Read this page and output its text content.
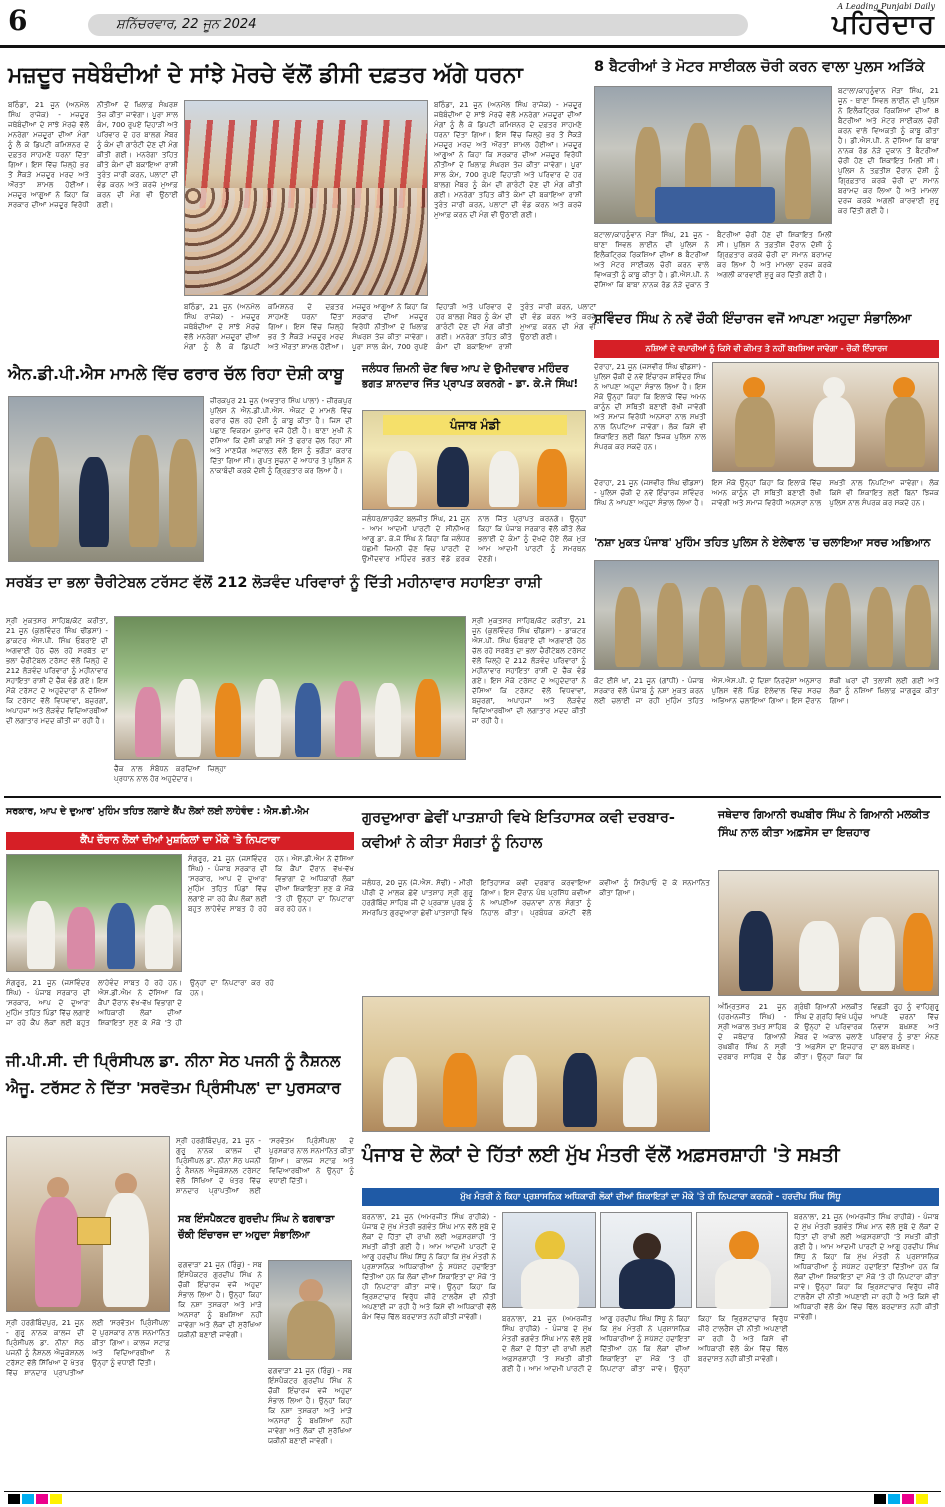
6	ਸ਼ਨਿੱਚਰਵਾਰ, 22 ਜੂਨ 2024
A Leading Punjabi Daily
ਪਹਿਰੇਦਾਰ
ਮਜ਼ਦੂਰ ਜਥੇਬੰਦੀਆਂ ਦੇ ਸਾਂਝੇ ਮੋਰਚੇ ਵੱਲੋਂ ਡੀਸੀ ਦਫ਼ਤਰ ਅੱਗੇ ਧਰਨਾ
ਬਠਿੰਡਾ, 21 ਜੂਨ (ਅਨਮੋਲ ਸਿੰਘ ਰਾਜੇਕ) - ਮਜ਼ਦੂਰ ਜਥੇਬੰਦੀਆਂ ਦੇ ਸਾਂਝੇ ਮੋਰਚੇ ਵੱਲੋਂ ਮਨਰੇਗਾ ਮਜ਼ਦੂਰਾਂ ਦੀਆਂ ਮੰਗਾਂ ਨੂੰ ਲੈ ਕੇ ਡਿਪਟੀ ਕਮਿਸ਼ਨਰ ਦੇ ਦਫ਼ਤਰ ਸਾਹਮਣੇ ਧਰਨਾ ਦਿੱਤਾ ਗਿਆ। ਇਸ ਵਿੱਚ ਜ਼ਿਲ੍ਹੇ ਭਰ ਤੋਂ ਸੈਂਕੜੇ ਮਜ਼ਦੂਰ ਮਰਦ ਅਤੇ ਔਰਤਾਂ ਸ਼ਾਮਲ ਹੋਈਆਂ। ਮਜ਼ਦੂਰ ਆਗੂਆਂ ਨੇ ਕਿਹਾ ਕਿ ਸਰਕਾਰ ਦੀਆਂ ਮਜ਼ਦੂਰ ਵਿਰੋਧੀ ਨੀਤੀਆਂ ਦੇ ਖ਼ਿਲਾਫ਼ ਸੰਘਰਸ਼ ਤੇਜ਼ ਕੀਤਾ ਜਾਵੇਗਾ। ਪੂਰਾ ਸਾਲ ਕੰਮ, 700 ਰੁਪਏ ਦਿਹਾੜੀ ਅਤੇ ਪਰਿਵਾਰ ਦੇ ਹਰ ਬਾਲਗ ਮੈਂਬਰ ਨੂੰ ਕੰਮ ਦੀ ਗਾਰੰਟੀ ਦੇਣ ਦੀ ਮੰਗ ਕੀਤੀ ਗਈ। ਮਨਰੇਗਾ ਤਹਿਤ ਕੀਤੇ ਕੰਮਾਂ ਦੀ ਬਕਾਇਆ ਰਾਸ਼ੀ ਤੁਰੰਤ ਜਾਰੀ ਕਰਨ, ਪਲਾਟਾਂ ਦੀ ਵੰਡ ਕਰਨ ਅਤੇ ਕਰਜ਼ੇ ਮੁਆਫ਼ ਕਰਨ ਦੀ ਮੰਗ ਵੀ ਉਠਾਈ ਗਈ।
ਬਠਿੰਡਾ, 21 ਜੂਨ (ਅਨਮੋਲ ਸਿੰਘ ਰਾਜੇਕ) - ਮਜ਼ਦੂਰ ਜਥੇਬੰਦੀਆਂ ਦੇ ਸਾਂਝੇ ਮੋਰਚੇ ਵੱਲੋਂ ਮਨਰੇਗਾ ਮਜ਼ਦੂਰਾਂ ਦੀਆਂ ਮੰਗਾਂ ਨੂੰ ਲੈ ਕੇ ਡਿਪਟੀ ਕਮਿਸ਼ਨਰ ਦੇ ਦਫ਼ਤਰ ਸਾਹਮਣੇ ਧਰਨਾ ਦਿੱਤਾ ਗਿਆ। ਇਸ ਵਿੱਚ ਜ਼ਿਲ੍ਹੇ ਭਰ ਤੋਂ ਸੈਂਕੜੇ ਮਜ਼ਦੂਰ ਮਰਦ ਅਤੇ ਔਰਤਾਂ ਸ਼ਾਮਲ ਹੋਈਆਂ। ਮਜ਼ਦੂਰ ਆਗੂਆਂ ਨੇ ਕਿਹਾ ਕਿ ਸਰਕਾਰ ਦੀਆਂ ਮਜ਼ਦੂਰ ਵਿਰੋਧੀ ਨੀਤੀਆਂ ਦੇ ਖ਼ਿਲਾਫ਼ ਸੰਘਰਸ਼ ਤੇਜ਼ ਕੀਤਾ ਜਾਵੇਗਾ। ਪੂਰਾ ਸਾਲ ਕੰਮ, 700 ਰੁਪਏ ਦਿਹਾੜੀ ਅਤੇ ਪਰਿਵਾਰ ਦੇ ਹਰ ਬਾਲਗ ਮੈਂਬਰ ਨੂੰ ਕੰਮ ਦੀ ਗਾਰੰਟੀ ਦੇਣ ਦੀ ਮੰਗ ਕੀਤੀ ਗਈ। ਮਨਰੇਗਾ ਤਹਿਤ ਕੀਤੇ ਕੰਮਾਂ ਦੀ ਬਕਾਇਆ ਰਾਸ਼ੀ ਤੁਰੰਤ ਜਾਰੀ ਕਰਨ, ਪਲਾਟਾਂ ਦੀ ਵੰਡ ਕਰਨ ਅਤੇ ਕਰਜ਼ੇ ਮੁਆਫ਼ ਕਰਨ ਦੀ ਮੰਗ ਵੀ ਉਠਾਈ ਗਈ।
ਬਠਿੰਡਾ, 21 ਜੂਨ (ਅਨਮੋਲ ਸਿੰਘ ਰਾਜੇਕ) - ਮਜ਼ਦੂਰ ਜਥੇਬੰਦੀਆਂ ਦੇ ਸਾਂਝੇ ਮੋਰਚੇ ਵੱਲੋਂ ਮਨਰੇਗਾ ਮਜ਼ਦੂਰਾਂ ਦੀਆਂ ਮੰਗਾਂ ਨੂੰ ਲੈ ਕੇ ਡਿਪਟੀ ਕਮਿਸ਼ਨਰ ਦੇ ਦਫ਼ਤਰ ਸਾਹਮਣੇ ਧਰਨਾ ਦਿੱਤਾ ਗਿਆ। ਇਸ ਵਿੱਚ ਜ਼ਿਲ੍ਹੇ ਭਰ ਤੋਂ ਸੈਂਕੜੇ ਮਜ਼ਦੂਰ ਮਰਦ ਅਤੇ ਔਰਤਾਂ ਸ਼ਾਮਲ ਹੋਈਆਂ। ਮਜ਼ਦੂਰ ਆਗੂਆਂ ਨੇ ਕਿਹਾ ਕਿ ਸਰਕਾਰ ਦੀਆਂ ਮਜ਼ਦੂਰ ਵਿਰੋਧੀ ਨੀਤੀਆਂ ਦੇ ਖ਼ਿਲਾਫ਼ ਸੰਘਰਸ਼ ਤੇਜ਼ ਕੀਤਾ ਜਾਵੇਗਾ। ਪੂਰਾ ਸਾਲ ਕੰਮ, 700 ਰੁਪਏ ਦਿਹਾੜੀ ਅਤੇ ਪਰਿਵਾਰ ਦੇ ਹਰ ਬਾਲਗ ਮੈਂਬਰ ਨੂੰ ਕੰਮ ਦੀ ਗਾਰੰਟੀ ਦੇਣ ਦੀ ਮੰਗ ਕੀਤੀ ਗਈ। ਮਨਰੇਗਾ ਤਹਿਤ ਕੀਤੇ ਕੰਮਾਂ ਦੀ ਬਕਾਇਆ ਰਾਸ਼ੀ ਤੁਰੰਤ ਜਾਰੀ ਕਰਨ, ਪਲਾਟਾਂ ਦੀ ਵੰਡ ਕਰਨ ਅਤੇ ਕਰਜ਼ੇ ਮੁਆਫ਼ ਕਰਨ ਦੀ ਮੰਗ ਵੀ ਉਠਾਈ ਗਈ।
8 ਬੈਟਰੀਆਂ ਤੇ ਮੋਟਰ ਸਾਈਕਲ ਚੋਰੀ ਕਰਨ ਵਾਲਾ ਪੁਲਸ ਅੜਿੱਕੇ
ਬਟਾਲਾ/ਕਾਹਨੂੰਵਾਨ ਮੌੜਾ ਸਿੰਘ, 21 ਜੂਨ - ਥਾਣਾ ਸਿਵਲ ਲਾਈਨ ਦੀ ਪੁਲਿਸ ਨੇ ਇਲੈਕਟ੍ਰਿਕ ਰਿਕਸ਼ਿਆਂ ਦੀਆਂ 8 ਬੈਟਰੀਆਂ ਅਤੇ ਮੋਟਰ ਸਾਈਕਲ ਚੋਰੀ ਕਰਨ ਵਾਲੇ ਵਿਅਕਤੀ ਨੂੰ ਕਾਬੂ ਕੀਤਾ ਹੈ। ਡੀ.ਐਸ.ਪੀ. ਨੇ ਦੱਸਿਆ ਕਿ ਬਾਬਾ ਨਾਨਕ ਰੋਡ ਨੇੜੇ ਦੁਕਾਨ ਤੋਂ ਬੈਟਰੀਆਂ ਚੋਰੀ ਹੋਣ ਦੀ ਸ਼ਿਕਾਇਤ ਮਿਲੀ ਸੀ। ਪੁਲਿਸ ਨੇ ਤਫ਼ਤੀਸ਼ ਦੌਰਾਨ ਦੋਸ਼ੀ ਨੂੰ ਗ੍ਰਿਫ਼ਤਾਰ ਕਰਕੇ ਚੋਰੀ ਦਾ ਸਮਾਨ ਬਰਾਮਦ ਕਰ ਲਿਆ ਹੈ ਅਤੇ ਮਾਮਲਾ ਦਰਜ ਕਰਕੇ ਅਗਲੀ ਕਾਰਵਾਈ ਸ਼ੁਰੂ ਕਰ ਦਿੱਤੀ ਗਈ ਹੈ।
ਬਟਾਲਾ/ਕਾਹਨੂੰਵਾਨ ਮੌੜਾ ਸਿੰਘ, 21 ਜੂਨ - ਥਾਣਾ ਸਿਵਲ ਲਾਈਨ ਦੀ ਪੁਲਿਸ ਨੇ ਇਲੈਕਟ੍ਰਿਕ ਰਿਕਸ਼ਿਆਂ ਦੀਆਂ 8 ਬੈਟਰੀਆਂ ਅਤੇ ਮੋਟਰ ਸਾਈਕਲ ਚੋਰੀ ਕਰਨ ਵਾਲੇ ਵਿਅਕਤੀ ਨੂੰ ਕਾਬੂ ਕੀਤਾ ਹੈ। ਡੀ.ਐਸ.ਪੀ. ਨੇ ਦੱਸਿਆ ਕਿ ਬਾਬਾ ਨਾਨਕ ਰੋਡ ਨੇੜੇ ਦੁਕਾਨ ਤੋਂ ਬੈਟਰੀਆਂ ਚੋਰੀ ਹੋਣ ਦੀ ਸ਼ਿਕਾਇਤ ਮਿਲੀ ਸੀ। ਪੁਲਿਸ ਨੇ ਤਫ਼ਤੀਸ਼ ਦੌਰਾਨ ਦੋਸ਼ੀ ਨੂੰ ਗ੍ਰਿਫ਼ਤਾਰ ਕਰਕੇ ਚੋਰੀ ਦਾ ਸਮਾਨ ਬਰਾਮਦ ਕਰ ਲਿਆ ਹੈ ਅਤੇ ਮਾਮਲਾ ਦਰਜ ਕਰਕੇ ਅਗਲੀ ਕਾਰਵਾਈ ਸ਼ੁਰੂ ਕਰ ਦਿੱਤੀ ਗਈ ਹੈ।
ਸ਼ਵਿੰਦਰ ਸਿੰਘ ਨੇ ਨਵੇਂ ਚੌਕੀ ਇੰਚਾਰਜ ਵਜੋਂ ਆਪਣਾ ਅਹੁਦਾ ਸੰਭਾਲਿਆ
ਨਸ਼ਿਆਂ ਦੇ ਵਪਾਰੀਆਂ ਨੂੰ ਕਿਸੇ ਵੀ ਕੀਮਤ ਤੇ ਨਹੀਂ ਬਖ਼ਸ਼ਿਆ ਜਾਵੇਗਾ - ਚੌਕੀ ਇੰਚਾਰਜ
ਦੋਰਾਹਾ, 21 ਜੂਨ (ਜਸਵੀਰ ਸਿੰਘ ਢੀਂਡਸਾ) - ਪੁਲਿਸ ਚੌਕੀ ਦੇ ਨਵੇਂ ਇੰਚਾਰਜ ਸ਼ਵਿੰਦਰ ਸਿੰਘ ਨੇ ਆਪਣਾ ਅਹੁਦਾ ਸੰਭਾਲ ਲਿਆ ਹੈ। ਇਸ ਮੌਕੇ ਉਨ੍ਹਾਂ ਕਿਹਾ ਕਿ ਇਲਾਕੇ ਵਿੱਚ ਅਮਨ ਕਾਨੂੰਨ ਦੀ ਸਥਿਤੀ ਬਣਾਈ ਰੱਖੀ ਜਾਵੇਗੀ ਅਤੇ ਸਮਾਜ ਵਿਰੋਧੀ ਅਨਸਰਾਂ ਨਾਲ ਸਖ਼ਤੀ ਨਾਲ ਨਿਪਟਿਆ ਜਾਵੇਗਾ। ਲੋਕ ਕਿਸੇ ਵੀ ਸ਼ਿਕਾਇਤ ਲਈ ਬਿਨਾਂ ਝਿਜਕ ਪੁਲਿਸ ਨਾਲ ਸੰਪਰਕ ਕਰ ਸਕਦੇ ਹਨ।
ਦੋਰਾਹਾ, 21 ਜੂਨ (ਜਸਵੀਰ ਸਿੰਘ ਢੀਂਡਸਾ) - ਪੁਲਿਸ ਚੌਕੀ ਦੇ ਨਵੇਂ ਇੰਚਾਰਜ ਸ਼ਵਿੰਦਰ ਸਿੰਘ ਨੇ ਆਪਣਾ ਅਹੁਦਾ ਸੰਭਾਲ ਲਿਆ ਹੈ। ਇਸ ਮੌਕੇ ਉਨ੍ਹਾਂ ਕਿਹਾ ਕਿ ਇਲਾਕੇ ਵਿੱਚ ਅਮਨ ਕਾਨੂੰਨ ਦੀ ਸਥਿਤੀ ਬਣਾਈ ਰੱਖੀ ਜਾਵੇਗੀ ਅਤੇ ਸਮਾਜ ਵਿਰੋਧੀ ਅਨਸਰਾਂ ਨਾਲ ਸਖ਼ਤੀ ਨਾਲ ਨਿਪਟਿਆ ਜਾਵੇਗਾ। ਲੋਕ ਕਿਸੇ ਵੀ ਸ਼ਿਕਾਇਤ ਲਈ ਬਿਨਾਂ ਝਿਜਕ ਪੁਲਿਸ ਨਾਲ ਸੰਪਰਕ ਕਰ ਸਕਦੇ ਹਨ।
ਐਨ.ਡੀ.ਪੀ.ਐਸ ਮਾਮਲੇ ਵਿੱਚ ਫਰਾਰ ਚੱਲ ਰਿਹਾ ਦੋਸ਼ੀ ਕਾਬੂ
ਜ਼ੀਰਕਪੁਰ 21 ਜੂਨ (ਅਵਤਾਰ ਸਿੰਘ ਪਾਲਾ) - ਜ਼ੀਰਕਪੁਰ ਪੁਲਿਸ ਨੇ ਐਨ.ਡੀ.ਪੀ.ਐਸ. ਐਕਟ ਦੇ ਮਾਮਲੇ ਵਿੱਚ ਫਰਾਰ ਚੱਲ ਰਹੇ ਦੋਸ਼ੀ ਨੂੰ ਕਾਬੂ ਕੀਤਾ ਹੈ। ਜਿਸ ਦੀ ਪਛਾਣ ਵਿਕਰਮ ਕੁਮਾਰ ਵਜੋਂ ਹੋਈ ਹੈ। ਥਾਣਾ ਮੁਖੀ ਨੇ ਦੱਸਿਆ ਕਿ ਦੋਸ਼ੀ ਕਾਫ਼ੀ ਸਮੇਂ ਤੋਂ ਫਰਾਰ ਚੱਲ ਰਿਹਾ ਸੀ ਅਤੇ ਮਾਣਯੋਗ ਅਦਾਲਤ ਵੱਲੋਂ ਇਸ ਨੂੰ ਭਗੌੜਾ ਕਰਾਰ ਦਿੱਤਾ ਗਿਆ ਸੀ। ਗੁਪਤ ਸੂਚਨਾ ਦੇ ਆਧਾਰ ਤੇ ਪੁਲਿਸ ਨੇ ਨਾਕਾਬੰਦੀ ਕਰਕੇ ਦੋਸ਼ੀ ਨੂੰ ਗ੍ਰਿਫ਼ਤਾਰ ਕਰ ਲਿਆ ਹੈ।
ਜਲੰਧਰ ਜ਼ਿਮਨੀ ਚੋਣ ਵਿਚ ਆਪ ਦੇ ਉਮੀਦਵਾਰ ਮਹਿੰਦਰ ਭਗਤ ਸ਼ਾਨਦਾਰ ਜਿੱਤ ਪ੍ਰਾਪਤ ਕਰਨਗੇ - ਡਾ. ਕੇ.ਜੇ ਸਿੰਘ!
ਪੰਜਾਬ ਮੰਡੀ
ਜਲੰਧਰ/ਸ਼ਾਹਕੋਟ ਬਲਜੀਤ ਸਿੰਘ, 21 ਜੂਨ - ਆਮ ਆਦਮੀ ਪਾਰਟੀ ਦੇ ਸੀਨੀਅਰ ਆਗੂ ਡਾ. ਕੇ.ਜੇ ਸਿੰਘ ਨੇ ਕਿਹਾ ਕਿ ਜਲੰਧਰ ਪੱਛਮੀ ਜ਼ਿਮਨੀ ਚੋਣ ਵਿਚ ਪਾਰਟੀ ਦੇ ਉਮੀਦਵਾਰ ਮਹਿੰਦਰ ਭਗਤ ਵੱਡੇ ਫ਼ਰਕ ਨਾਲ ਜਿੱਤ ਪ੍ਰਾਪਤ ਕਰਨਗੇ। ਉਨ੍ਹਾਂ ਕਿਹਾ ਕਿ ਪੰਜਾਬ ਸਰਕਾਰ ਵੱਲੋਂ ਕੀਤੇ ਲੋਕ ਭਲਾਈ ਦੇ ਕੰਮਾਂ ਨੂੰ ਦੇਖਦੇ ਹੋਏ ਲੋਕ ਮੁੜ ਆਮ ਆਦਮੀ ਪਾਰਟੀ ਨੂੰ ਸਮਰਥਨ ਦੇਣਗੇ।
ਸਰਬੱਤ ਦਾ ਭਲਾ ਚੈਰੀਟੇਬਲ ਟਰੱਸਟ ਵੱਲੋਂ 212 ਲੋੜਵੰਦ ਪਰਿਵਾਰਾਂ ਨੂੰ ਦਿੱਤੀ ਮਹੀਨਾਵਾਰ ਸਹਾਇਤਾ ਰਾਸ਼ੀ
ਸ੍ਰੀ ਮੁਕਤਸਰ ਸਾਹਿਬ/ਕੋਟ ਕਰੀਤਾ, 21 ਜੂਨ (ਕੁਲਵਿੰਦਰ ਸਿੰਘ ਢੀਂਡਸਾ) - ਡਾਕਟਰ ਐਸ.ਪੀ. ਸਿੰਘ ਓਬਰਾਏ ਦੀ ਅਗਵਾਈ ਹੇਠ ਚੱਲ ਰਹੇ ਸਰਬੱਤ ਦਾ ਭਲਾ ਚੈਰੀਟੇਬਲ ਟਰੱਸਟ ਵੱਲੋਂ ਜ਼ਿਲ੍ਹੇ ਦੇ 212 ਲੋੜਵੰਦ ਪਰਿਵਾਰਾਂ ਨੂੰ ਮਹੀਨਾਵਾਰ ਸਹਾਇਤਾ ਰਾਸ਼ੀ ਦੇ ਚੈੱਕ ਵੰਡੇ ਗਏ। ਇਸ ਮੌਕੇ ਟਰੱਸਟ ਦੇ ਅਹੁਦੇਦਾਰਾਂ ਨੇ ਦੱਸਿਆ ਕਿ ਟਰੱਸਟ ਵੱਲੋਂ ਵਿਧਵਾਵਾਂ, ਬਜ਼ੁਰਗਾਂ, ਅਪਾਹਜਾਂ ਅਤੇ ਲੋੜਵੰਦ ਵਿਦਿਆਰਥੀਆਂ ਦੀ ਲਗਾਤਾਰ ਮਦਦ ਕੀਤੀ ਜਾ ਰਹੀ ਹੈ।
ਚੈੱਕ ਨਾਲ ਸੰਬੋਧਨ ਕਰਦਿਆਂ ਜ਼ਿਲ੍ਹਾ ਪ੍ਰਧਾਨ ਨਾਲ ਹੋਰ ਅਹੁਦੇਦਾਰ।
ਸ੍ਰੀ ਮੁਕਤਸਰ ਸਾਹਿਬ/ਕੋਟ ਕਰੀਤਾ, 21 ਜੂਨ (ਕੁਲਵਿੰਦਰ ਸਿੰਘ ਢੀਂਡਸਾ) - ਡਾਕਟਰ ਐਸ.ਪੀ. ਸਿੰਘ ਓਬਰਾਏ ਦੀ ਅਗਵਾਈ ਹੇਠ ਚੱਲ ਰਹੇ ਸਰਬੱਤ ਦਾ ਭਲਾ ਚੈਰੀਟੇਬਲ ਟਰੱਸਟ ਵੱਲੋਂ ਜ਼ਿਲ੍ਹੇ ਦੇ 212 ਲੋੜਵੰਦ ਪਰਿਵਾਰਾਂ ਨੂੰ ਮਹੀਨਾਵਾਰ ਸਹਾਇਤਾ ਰਾਸ਼ੀ ਦੇ ਚੈੱਕ ਵੰਡੇ ਗਏ। ਇਸ ਮੌਕੇ ਟਰੱਸਟ ਦੇ ਅਹੁਦੇਦਾਰਾਂ ਨੇ ਦੱਸਿਆ ਕਿ ਟਰੱਸਟ ਵੱਲੋਂ ਵਿਧਵਾਵਾਂ, ਬਜ਼ੁਰਗਾਂ, ਅਪਾਹਜਾਂ ਅਤੇ ਲੋੜਵੰਦ ਵਿਦਿਆਰਥੀਆਂ ਦੀ ਲਗਾਤਾਰ ਮਦਦ ਕੀਤੀ ਜਾ ਰਹੀ ਹੈ।
'ਨਸ਼ਾ ਮੁਕਤ ਪੰਜਾਬ' ਮੁਹਿੰਮ ਤਹਿਤ ਪੁਲਿਸ ਨੇ ਏਲੇਵਾਲ 'ਚ ਚਲਾਇਆ ਸਰਚ ਅਭਿਆਨ
ਕੋਟ ਈਸੇ ਖਾਂ, 21 ਜੂਨ (ਗਾਂਧੀ) - ਪੰਜਾਬ ਸਰਕਾਰ ਵੱਲੋਂ ਪੰਜਾਬ ਨੂੰ ਨਸ਼ਾ ਮੁਕਤ ਕਰਨ ਲਈ ਚਲਾਈ ਜਾ ਰਹੀ ਮੁਹਿੰਮ ਤਹਿਤ ਐਸ.ਐਸ.ਪੀ. ਦੇ ਦਿਸ਼ਾ ਨਿਰਦੇਸ਼ਾਂ ਅਨੁਸਾਰ ਪੁਲਿਸ ਵੱਲੋਂ ਪਿੰਡ ਏਲੇਵਾਲ ਵਿੱਚ ਸਰਚ ਅਭਿਆਨ ਚਲਾਇਆ ਗਿਆ। ਇਸ ਦੌਰਾਨ ਸ਼ੱਕੀ ਘਰਾਂ ਦੀ ਤਲਾਸ਼ੀ ਲਈ ਗਈ ਅਤੇ ਲੋਕਾਂ ਨੂੰ ਨਸ਼ਿਆਂ ਖ਼ਿਲਾਫ਼ ਜਾਗਰੂਕ ਕੀਤਾ ਗਿਆ।
ਸਰਕਾਰ, ਆਪ ਦੇ ਦੁਆਰ' ਮੁਹਿੰਮ ਤਹਿਤ ਲਗਾਏ ਕੈਂਪ ਲੋਕਾਂ ਲਈ ਲਾਹੇਵੰਦ : ਐਸ.ਡੀ.ਐਮ
ਕੈਂਪ ਦੌਰਾਨ ਲੋਕਾਂ ਦੀਆਂ ਮੁਸ਼ਕਿਲਾਂ ਦਾ ਮੌਕੇ 'ਤੇ ਨਿਪਟਾਰਾ
ਸੰਗਰੂਰ, 21 ਜੂਨ (ਜਸਵਿੰਦਰ ਸਿੰਘ) - ਪੰਜਾਬ ਸਰਕਾਰ ਦੀ 'ਸਰਕਾਰ, ਆਪ ਦੇ ਦੁਆਰ' ਮੁਹਿੰਮ ਤਹਿਤ ਪਿੰਡਾਂ ਵਿੱਚ ਲਗਾਏ ਜਾ ਰਹੇ ਕੈਂਪ ਲੋਕਾਂ ਲਈ ਬਹੁਤ ਲਾਹੇਵੰਦ ਸਾਬਤ ਹੋ ਰਹੇ ਹਨ। ਐਸ.ਡੀ.ਐਮ ਨੇ ਦੱਸਿਆ ਕਿ ਕੈਂਪਾਂ ਦੌਰਾਨ ਵੱਖ-ਵੱਖ ਵਿਭਾਗਾਂ ਦੇ ਅਧਿਕਾਰੀ ਲੋਕਾਂ ਦੀਆਂ ਸ਼ਿਕਾਇਤਾਂ ਸੁਣ ਕੇ ਮੌਕੇ 'ਤੇ ਹੀ ਉਨ੍ਹਾਂ ਦਾ ਨਿਪਟਾਰਾ ਕਰ ਰਹੇ ਹਨ।
ਸੰਗਰੂਰ, 21 ਜੂਨ (ਜਸਵਿੰਦਰ ਸਿੰਘ) - ਪੰਜਾਬ ਸਰਕਾਰ ਦੀ 'ਸਰਕਾਰ, ਆਪ ਦੇ ਦੁਆਰ' ਮੁਹਿੰਮ ਤਹਿਤ ਪਿੰਡਾਂ ਵਿੱਚ ਲਗਾਏ ਜਾ ਰਹੇ ਕੈਂਪ ਲੋਕਾਂ ਲਈ ਬਹੁਤ ਲਾਹੇਵੰਦ ਸਾਬਤ ਹੋ ਰਹੇ ਹਨ। ਐਸ.ਡੀ.ਐਮ ਨੇ ਦੱਸਿਆ ਕਿ ਕੈਂਪਾਂ ਦੌਰਾਨ ਵੱਖ-ਵੱਖ ਵਿਭਾਗਾਂ ਦੇ ਅਧਿਕਾਰੀ ਲੋਕਾਂ ਦੀਆਂ ਸ਼ਿਕਾਇਤਾਂ ਸੁਣ ਕੇ ਮੌਕੇ 'ਤੇ ਹੀ ਉਨ੍ਹਾਂ ਦਾ ਨਿਪਟਾਰਾ ਕਰ ਰਹੇ ਹਨ।
ਗੁਰਦੁਆਰਾ ਛੇਵੀਂ ਪਾਤਸ਼ਾਹੀ ਵਿਖੇ ਇਤਿਹਾਸਕ ਕਵੀ ਦਰਬਾਰ-ਕਵੀਆਂ ਨੇ ਕੀਤਾ ਸੰਗਤਾਂ ਨੂੰ ਨਿਹਾਲ
ਜਲੰਧਰ, 20 ਜੂਨ (ਜੇ.ਐਸ. ਸੋਢੀ) - ਮੀਰੀ ਪੀਰੀ ਦੇ ਮਾਲਕ ਛੇਵੇਂ ਪਾਤਸ਼ਾਹ ਸ੍ਰੀ ਗੁਰੂ ਹਰਗੋਬਿੰਦ ਸਾਹਿਬ ਜੀ ਦੇ ਪ੍ਰਕਾਸ਼ ਪੁਰਬ ਨੂੰ ਸਮਰਪਿਤ ਗੁਰਦੁਆਰਾ ਛੇਵੀਂ ਪਾਤਸ਼ਾਹੀ ਵਿਖੇ ਇਤਿਹਾਸਕ ਕਵੀ ਦਰਬਾਰ ਕਰਵਾਇਆ ਗਿਆ। ਇਸ ਦੌਰਾਨ ਪੰਥ ਪ੍ਰਸਿੱਧ ਕਵੀਆਂ ਨੇ ਆਪਣੀਆਂ ਰਚਨਾਵਾਂ ਨਾਲ ਸੰਗਤਾਂ ਨੂੰ ਨਿਹਾਲ ਕੀਤਾ। ਪ੍ਰਬੰਧਕ ਕਮੇਟੀ ਵੱਲੋਂ ਕਵੀਆਂ ਨੂੰ ਸਿਰੋਪਾਓ ਦੇ ਕੇ ਸਨਮਾਨਿਤ ਕੀਤਾ ਗਿਆ।
ਜਥੇਦਾਰ ਗਿਆਨੀ ਰਘਬੀਰ ਸਿੰਘ ਨੇ ਗਿਆਨੀ ਮਲਕੀਤ ਸਿੰਘ ਨਾਲ ਕੀਤਾ ਅਫ਼ਸੋਸ ਦਾ ਇਜ਼ਹਾਰ
ਅੰਮ੍ਰਿਤਸਰ 21 ਜੂਨ (ਹਰਮਨਜੀਤ ਸਿੰਘ) - ਸ੍ਰੀ ਅਕਾਲ ਤਖ਼ਤ ਸਾਹਿਬ ਦੇ ਜਥੇਦਾਰ ਗਿਆਨੀ ਰਘਬੀਰ ਸਿੰਘ ਨੇ ਸ੍ਰੀ ਦਰਬਾਰ ਸਾਹਿਬ ਦੇ ਹੈੱਡ ਗ੍ਰੰਥੀ ਗਿਆਨੀ ਮਲਕੀਤ ਸਿੰਘ ਦੇ ਗ੍ਰਹਿ ਵਿਖੇ ਪਹੁੰਚ ਕੇ ਉਨ੍ਹਾਂ ਦੇ ਪਰਿਵਾਰਕ ਮੈਂਬਰ ਦੇ ਅਕਾਲ ਚਲਾਣੇ 'ਤੇ ਅਫ਼ਸੋਸ ਦਾ ਇਜ਼ਹਾਰ ਕੀਤਾ। ਉਨ੍ਹਾਂ ਕਿਹਾ ਕਿ ਵਿਛੜੀ ਰੂਹ ਨੂੰ ਵਾਹਿਗੁਰੂ ਆਪਣੇ ਚਰਨਾਂ ਵਿੱਚ ਨਿਵਾਸ ਬਖ਼ਸ਼ਣ ਅਤੇ ਪਰਿਵਾਰ ਨੂੰ ਭਾਣਾ ਮੰਨਣ ਦਾ ਬਲ ਬਖ਼ਸ਼ਣ।
ਜੀ.ਪੀ.ਸੀ. ਦੀ ਪ੍ਰਿੰਸੀਪਲ ਡਾ. ਨੀਨਾ ਸੇਠ ਪਜਨੀ ਨੂੰ ਨੈਸ਼ਨਲ ਐਜੂ. ਟਰੱਸਟ ਨੇ ਦਿੱਤਾ 'ਸਰਵੋਤਮ ਪ੍ਰਿੰਸੀਪਲ' ਦਾ ਪੁਰਸਕਾਰ
ਸ੍ਰੀ ਹਰਗੋਬਿੰਦਪੁਰ, 21 ਜੂਨ - ਗੁਰੂ ਨਾਨਕ ਕਾਲਜ ਦੀ ਪ੍ਰਿੰਸੀਪਲ ਡਾ. ਨੀਨਾ ਸੇਠ ਪਜਨੀ ਨੂੰ ਨੈਸ਼ਨਲ ਐਜੂਕੇਸ਼ਨਲ ਟਰੱਸਟ ਵੱਲੋਂ ਸਿੱਖਿਆ ਦੇ ਖੇਤਰ ਵਿੱਚ ਸ਼ਾਨਦਾਰ ਪ੍ਰਾਪਤੀਆਂ ਲਈ 'ਸਰਵੋਤਮ ਪ੍ਰਿੰਸੀਪਲ' ਦੇ ਪੁਰਸਕਾਰ ਨਾਲ ਸਨਮਾਨਿਤ ਕੀਤਾ ਗਿਆ। ਕਾਲਜ ਸਟਾਫ਼ ਅਤੇ ਵਿਦਿਆਰਥੀਆਂ ਨੇ ਉਨ੍ਹਾਂ ਨੂੰ ਵਧਾਈ ਦਿੱਤੀ।
ਸਬ ਇੰਸਪੈਕਟਰ ਗੁਰਦੀਪ ਸਿੰਘ ਨੇ ਫਗਵਾੜਾ ਚੌਕੀ ਇੰਚਾਰਜ ਦਾ ਅਹੁਦਾ ਸੰਭਾਲਿਆ
ਫਗਵਾੜਾ 21 ਜੂਨ (ਰਿੰਕੂ) - ਸਬ ਇੰਸਪੈਕਟਰ ਗੁਰਦੀਪ ਸਿੰਘ ਨੇ ਚੌਕੀ ਇੰਚਾਰਜ ਵਜੋਂ ਅਹੁਦਾ ਸੰਭਾਲ ਲਿਆ ਹੈ। ਉਨ੍ਹਾਂ ਕਿਹਾ ਕਿ ਨਸ਼ਾ ਤਸਕਰਾਂ ਅਤੇ ਮਾੜੇ ਅਨਸਰਾਂ ਨੂੰ ਬਖ਼ਸ਼ਿਆ ਨਹੀਂ ਜਾਵੇਗਾ ਅਤੇ ਲੋਕਾਂ ਦੀ ਸੁਰੱਖਿਆ ਯਕੀਨੀ ਬਣਾਈ ਜਾਵੇਗੀ।
ਫਗਵਾੜਾ 21 ਜੂਨ (ਰਿੰਕੂ) - ਸਬ ਇੰਸਪੈਕਟਰ ਗੁਰਦੀਪ ਸਿੰਘ ਨੇ ਚੌਕੀ ਇੰਚਾਰਜ ਵਜੋਂ ਅਹੁਦਾ ਸੰਭਾਲ ਲਿਆ ਹੈ। ਉਨ੍ਹਾਂ ਕਿਹਾ ਕਿ ਨਸ਼ਾ ਤਸਕਰਾਂ ਅਤੇ ਮਾੜੇ ਅਨਸਰਾਂ ਨੂੰ ਬਖ਼ਸ਼ਿਆ ਨਹੀਂ ਜਾਵੇਗਾ ਅਤੇ ਲੋਕਾਂ ਦੀ ਸੁਰੱਖਿਆ ਯਕੀਨੀ ਬਣਾਈ ਜਾਵੇਗੀ।
ਸ੍ਰੀ ਹਰਗੋਬਿੰਦਪੁਰ, 21 ਜੂਨ - ਗੁਰੂ ਨਾਨਕ ਕਾਲਜ ਦੀ ਪ੍ਰਿੰਸੀਪਲ ਡਾ. ਨੀਨਾ ਸੇਠ ਪਜਨੀ ਨੂੰ ਨੈਸ਼ਨਲ ਐਜੂਕੇਸ਼ਨਲ ਟਰੱਸਟ ਵੱਲੋਂ ਸਿੱਖਿਆ ਦੇ ਖੇਤਰ ਵਿੱਚ ਸ਼ਾਨਦਾਰ ਪ੍ਰਾਪਤੀਆਂ ਲਈ 'ਸਰਵੋਤਮ ਪ੍ਰਿੰਸੀਪਲ' ਦੇ ਪੁਰਸਕਾਰ ਨਾਲ ਸਨਮਾਨਿਤ ਕੀਤਾ ਗਿਆ। ਕਾਲਜ ਸਟਾਫ਼ ਅਤੇ ਵਿਦਿਆਰਥੀਆਂ ਨੇ ਉਨ੍ਹਾਂ ਨੂੰ ਵਧਾਈ ਦਿੱਤੀ।
ਪੰਜਾਬ ਦੇ ਲੋਕਾਂ ਦੇ ਹਿੱਤਾਂ ਲਈ ਮੁੱਖ ਮੰਤਰੀ ਵੱਲੋਂ ਅਫ਼ਸਰਸ਼ਾਹੀ 'ਤੇ ਸਖ਼ਤੀ
ਮੁੱਖ ਮੰਤਰੀ ਨੇ ਕਿਹਾ ਪ੍ਰਸ਼ਾਸਨਿਕ ਅਧਿਕਾਰੀ ਲੋਕਾਂ ਦੀਆਂ ਸ਼ਿਕਾਇਤਾਂ ਦਾ ਮੌਕੇ 'ਤੇ ਹੀ ਨਿਪਟਾਰਾ ਕਰਨਗੇ - ਹਰਦੀਪ ਸਿੰਘ ਸਿੱਧੂ
ਬਰਨਾਲਾ, 21 ਜੂਨ (ਅਮਰਜੀਤ ਸਿੰਘ ਰਾਹੀਕੇ) - ਪੰਜਾਬ ਦੇ ਮੁੱਖ ਮੰਤਰੀ ਭਗਵੰਤ ਸਿੰਘ ਮਾਨ ਵੱਲੋਂ ਸੂਬੇ ਦੇ ਲੋਕਾਂ ਦੇ ਹਿੱਤਾਂ ਦੀ ਰਾਖੀ ਲਈ ਅਫ਼ਸਰਸ਼ਾਹੀ 'ਤੇ ਸਖ਼ਤੀ ਕੀਤੀ ਗਈ ਹੈ। ਆਮ ਆਦਮੀ ਪਾਰਟੀ ਦੇ ਆਗੂ ਹਰਦੀਪ ਸਿੰਘ ਸਿੱਧੂ ਨੇ ਕਿਹਾ ਕਿ ਮੁੱਖ ਮੰਤਰੀ ਨੇ ਪ੍ਰਸ਼ਾਸਨਿਕ ਅਧਿਕਾਰੀਆਂ ਨੂੰ ਸਪੱਸ਼ਟ ਹਦਾਇਤਾਂ ਦਿੱਤੀਆਂ ਹਨ ਕਿ ਲੋਕਾਂ ਦੀਆਂ ਸ਼ਿਕਾਇਤਾਂ ਦਾ ਮੌਕੇ 'ਤੇ ਹੀ ਨਿਪਟਾਰਾ ਕੀਤਾ ਜਾਵੇ। ਉਨ੍ਹਾਂ ਕਿਹਾ ਕਿ ਭ੍ਰਿਸ਼ਟਾਚਾਰ ਵਿਰੁੱਧ ਜ਼ੀਰੋ ਟਾਲਰੈਂਸ ਦੀ ਨੀਤੀ ਅਪਣਾਈ ਜਾ ਰਹੀ ਹੈ ਅਤੇ ਕਿਸੇ ਵੀ ਅਧਿਕਾਰੀ ਵੱਲੋਂ ਕੰਮ ਵਿੱਚ ਢਿੱਲ ਬਰਦਾਸ਼ਤ ਨਹੀਂ ਕੀਤੀ ਜਾਵੇਗੀ।	ਬਰਨਾਲਾ, 21 ਜੂਨ (ਅਮਰਜੀਤ ਸਿੰਘ ਰਾਹੀਕੇ) - ਪੰਜਾਬ ਦੇ ਮੁੱਖ ਮੰਤਰੀ ਭਗਵੰਤ ਸਿੰਘ ਮਾਨ ਵੱਲੋਂ ਸੂਬੇ ਦੇ ਲੋਕਾਂ ਦੇ ਹਿੱਤਾਂ ਦੀ ਰਾਖੀ ਲਈ ਅਫ਼ਸਰਸ਼ਾਹੀ 'ਤੇ ਸਖ਼ਤੀ ਕੀਤੀ ਗਈ ਹੈ। ਆਮ ਆਦਮੀ ਪਾਰਟੀ ਦੇ ਆਗੂ ਹਰਦੀਪ ਸਿੰਘ ਸਿੱਧੂ ਨੇ ਕਿਹਾ ਕਿ ਮੁੱਖ ਮੰਤਰੀ ਨੇ ਪ੍ਰਸ਼ਾਸਨਿਕ ਅਧਿਕਾਰੀਆਂ ਨੂੰ ਸਪੱਸ਼ਟ ਹਦਾਇਤਾਂ ਦਿੱਤੀਆਂ ਹਨ ਕਿ ਲੋਕਾਂ ਦੀਆਂ ਸ਼ਿਕਾਇਤਾਂ ਦਾ ਮੌਕੇ 'ਤੇ ਹੀ ਨਿਪਟਾਰਾ ਕੀਤਾ ਜਾਵੇ। ਉਨ੍ਹਾਂ ਕਿਹਾ ਕਿ ਭ੍ਰਿਸ਼ਟਾਚਾਰ ਵਿਰੁੱਧ ਜ਼ੀਰੋ ਟਾਲਰੈਂਸ ਦੀ ਨੀਤੀ ਅਪਣਾਈ ਜਾ ਰਹੀ ਹੈ ਅਤੇ ਕਿਸੇ ਵੀ ਅਧਿਕਾਰੀ ਵੱਲੋਂ ਕੰਮ ਵਿੱਚ ਢਿੱਲ ਬਰਦਾਸ਼ਤ ਨਹੀਂ ਕੀਤੀ ਜਾਵੇਗੀ।
ਬਰਨਾਲਾ, 21 ਜੂਨ (ਅਮਰਜੀਤ ਸਿੰਘ ਰਾਹੀਕੇ) - ਪੰਜਾਬ ਦੇ ਮੁੱਖ ਮੰਤਰੀ ਭਗਵੰਤ ਸਿੰਘ ਮਾਨ ਵੱਲੋਂ ਸੂਬੇ ਦੇ ਲੋਕਾਂ ਦੇ ਹਿੱਤਾਂ ਦੀ ਰਾਖੀ ਲਈ ਅਫ਼ਸਰਸ਼ਾਹੀ 'ਤੇ ਸਖ਼ਤੀ ਕੀਤੀ ਗਈ ਹੈ। ਆਮ ਆਦਮੀ ਪਾਰਟੀ ਦੇ ਆਗੂ ਹਰਦੀਪ ਸਿੰਘ ਸਿੱਧੂ ਨੇ ਕਿਹਾ ਕਿ ਮੁੱਖ ਮੰਤਰੀ ਨੇ ਪ੍ਰਸ਼ਾਸਨਿਕ ਅਧਿਕਾਰੀਆਂ ਨੂੰ ਸਪੱਸ਼ਟ ਹਦਾਇਤਾਂ ਦਿੱਤੀਆਂ ਹਨ ਕਿ ਲੋਕਾਂ ਦੀਆਂ ਸ਼ਿਕਾਇਤਾਂ ਦਾ ਮੌਕੇ 'ਤੇ ਹੀ ਨਿਪਟਾਰਾ ਕੀਤਾ ਜਾਵੇ। ਉਨ੍ਹਾਂ ਕਿਹਾ ਕਿ ਭ੍ਰਿਸ਼ਟਾਚਾਰ ਵਿਰੁੱਧ ਜ਼ੀਰੋ ਟਾਲਰੈਂਸ ਦੀ ਨੀਤੀ ਅਪਣਾਈ ਜਾ ਰਹੀ ਹੈ ਅਤੇ ਕਿਸੇ ਵੀ ਅਧਿਕਾਰੀ ਵੱਲੋਂ ਕੰਮ ਵਿੱਚ ਢਿੱਲ ਬਰਦਾਸ਼ਤ ਨਹੀਂ ਕੀਤੀ ਜਾਵੇਗੀ।
